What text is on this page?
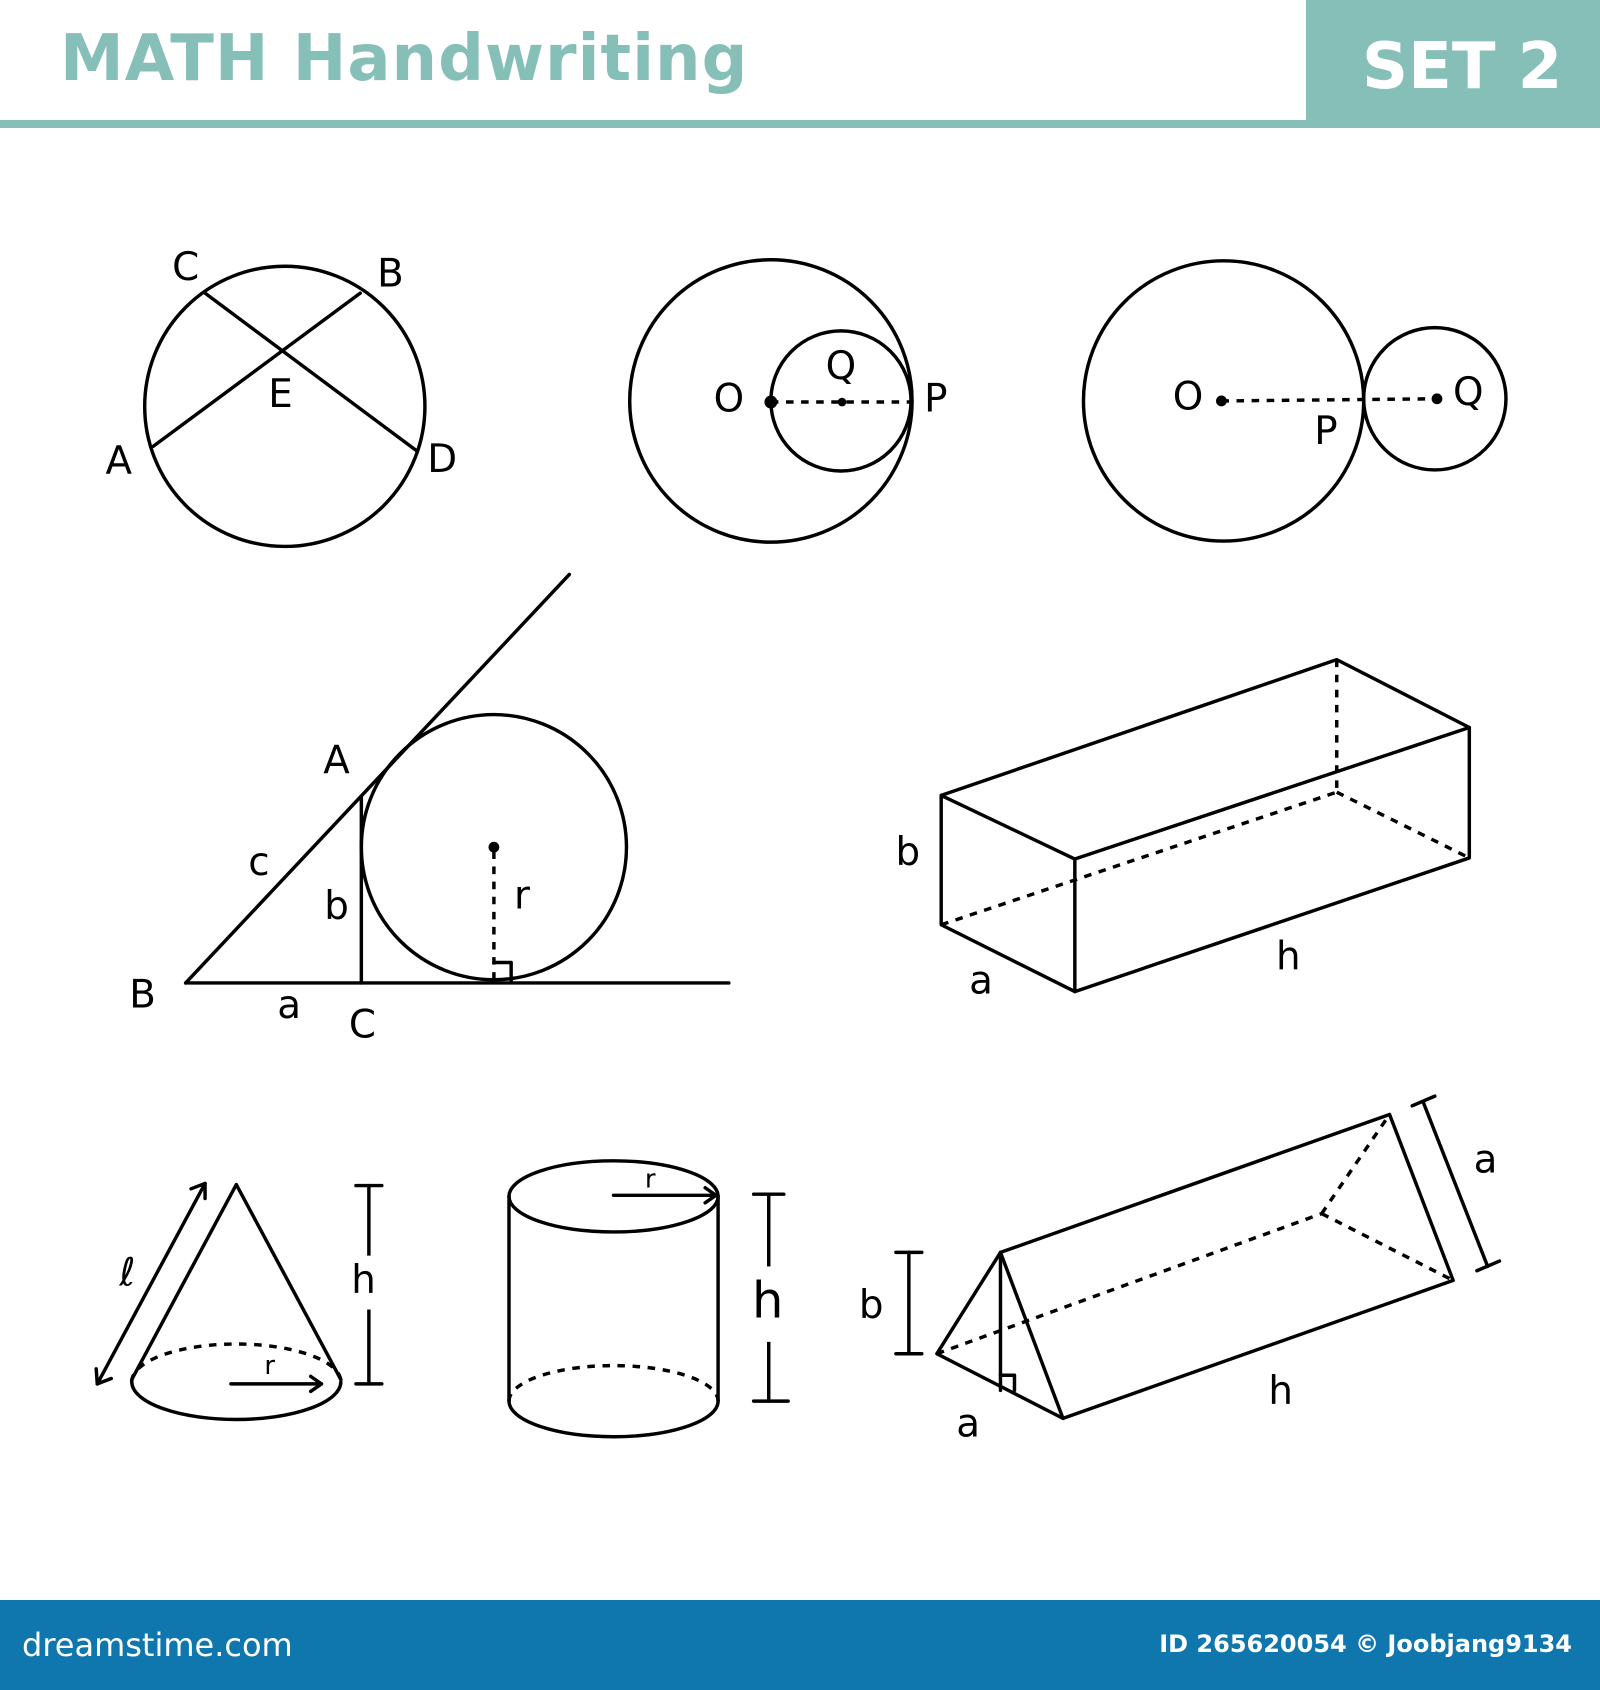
MATH Handwriting	SET 2
C	B
E
A	D
O
Q
P	O
P
Q
A
c
b	r
B	a C
b
a
h
ℓ	h
r
r
h b
a
h
a
dreamstime.com	ID 265620054 © Joobjang9134
